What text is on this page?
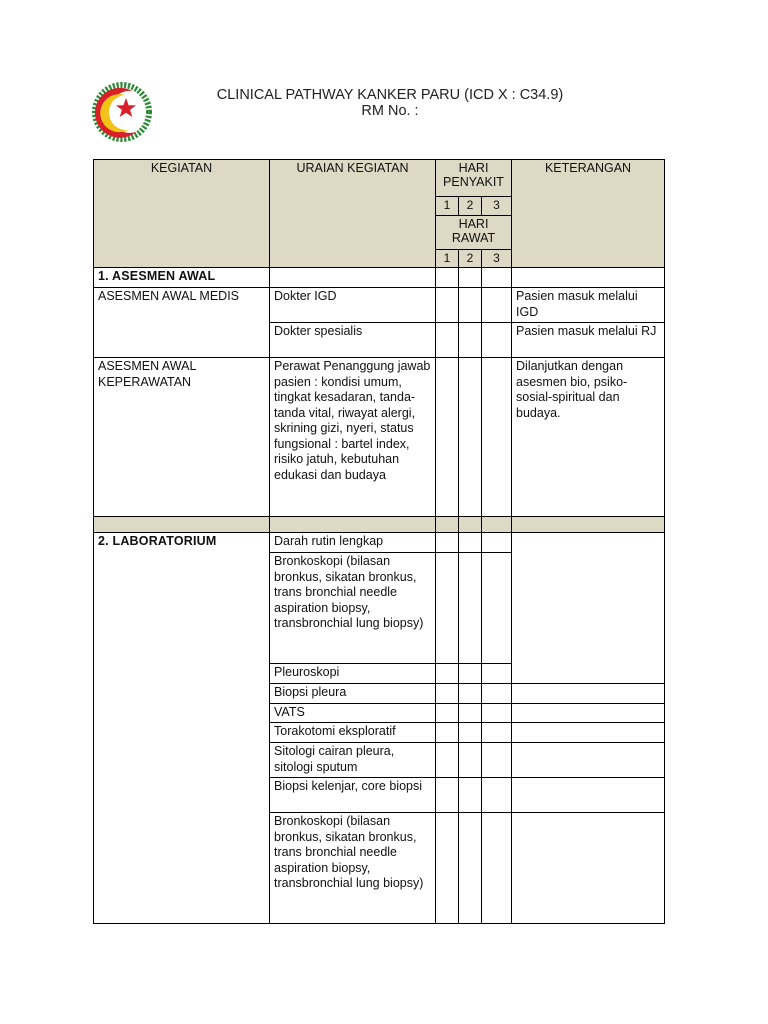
CLINICAL PATHWAY KANKER PARU (ICD X : C34.9)
RM No. :
KEGIATAN	URAIAN KEGIATAN	HARI PENYAKIT			KETERANGAN
		1	2	3	
		HARI RAWAT			
		1	2	3	
1. ASESMEN AWAL					
ASESMEN AWAL MEDIS	Dokter IGD				Pasien masuk melalui IGD
	Dokter spesialis				Pasien masuk melalui RJ
ASESMEN AWAL KEPERAWATAN	Perawat Penanggung jawab pasien : kondisi umum, tingkat kesadaran, tanda-tanda vital, riwayat alergi, skrining gizi, nyeri, status fungsional : bartel index, risiko jatuh, kebutuhan edukasi dan budaya				Dilanjutkan dengan asesmen bio, psiko-sosial-spiritual dan budaya.

2. LABORATORIUM	Darah rutin lengkap				
	Bronkoskopi (bilasan bronkus, sikatan bronkus, trans bronchial needle aspiration biopsy, transbronchial lung biopsy)				
	Pleuroskopi				
	Biopsi pleura				
	VATS				
	Torakotomi eksploratif				
	Sitologi cairan pleura, sitologi sputum				
	Biopsi kelenjar, core biopsi				
	Bronkoskopi (bilasan bronkus, sikatan bronkus, trans bronchial needle aspiration biopsy, transbronchial lung biopsy)				
